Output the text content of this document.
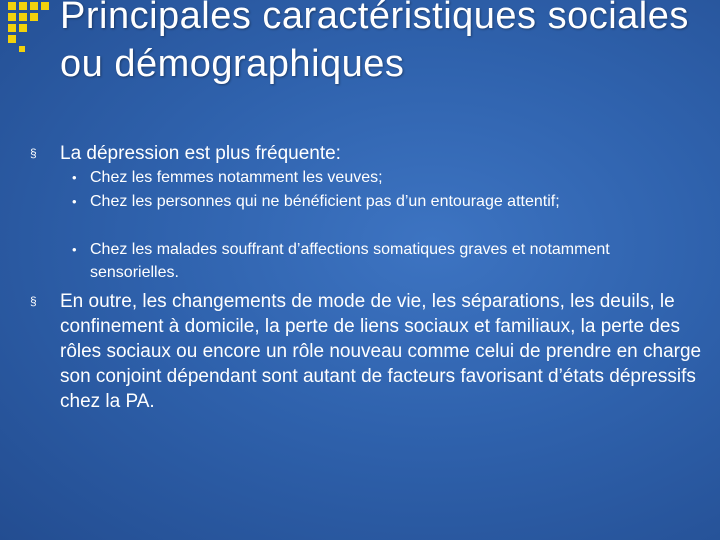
Principales caractéristiques sociales ou démographiques
§ La dépression est plus fréquente:
• Chez les femmes notamment les veuves;
• Chez les personnes qui ne bénéficient pas d’un entourage attentif;
• Chez les malades souffrant d’affections somatiques graves et notamment sensorielles.
§ En outre, les changements de mode de vie, les séparations, les deuils, le confinement à domicile, la perte de liens sociaux et familiaux, la perte des rôles sociaux ou encore un rôle nouveau comme celui de prendre en charge son conjoint dépendant sont autant de facteurs favorisant d’états dépressifs chez la PA.
